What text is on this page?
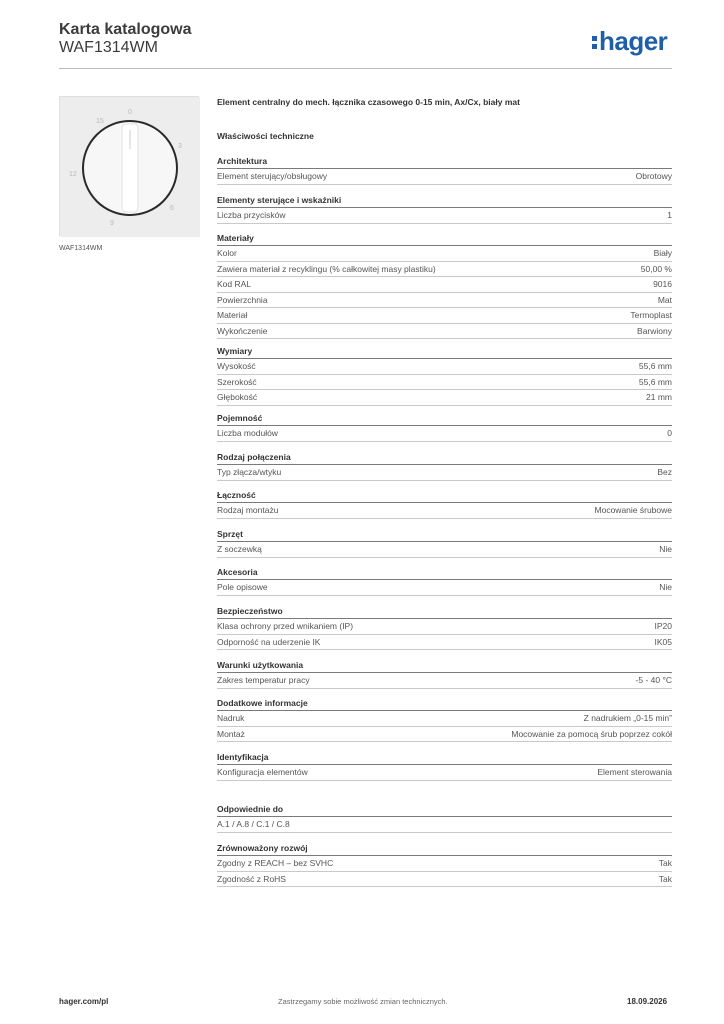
Karta katalogowa
WAF1314WM	hager
0
3
6
9
12
15
WAF1314WM
Element centralny do mech. łącznika czasowego 0-15 min, Ax/Cx, biały mat
Właściwości techniczne
Architektura
Element sterujący/obsługowy	Obrotowy
Elementy sterujące i wskaźniki
Liczba przycisków	1
Materiały
Kolor	Biały
Zawiera materiał z recyklingu (% całkowitej masy plastiku)	50,00 %
Kod RAL	9016
Powierzchnia	Mat
Materiał	Termoplast
Wykończenie	Barwiony
Wymiary
Wysokość	55,6 mm
Szerokość	55,6 mm
Głębokość	21 mm
Pojemność
Liczba modułów	0
Rodzaj połączenia
Typ złącza/wtyku	Bez
Łączność
Rodzaj montażu	Mocowanie śrubowe
Sprzęt
Z soczewką	Nie
Akcesoria
Pole opisowe	Nie
Bezpieczeństwo
Klasa ochrony przed wnikaniem (IP)	IP20
Odporność na uderzenie IK	IK05
Warunki użytkowania
Zakres temperatur pracy	-5 - 40 °C
Dodatkowe informacje
Nadruk	Z nadrukiem „0-15 min”
Montaż	Mocowanie za pomocą śrub poprzez cokół
Identyfikacja
Konfiguracja elementów	Element sterowania
Odpowiednie do
A.1 / A.8 / C.1 / C.8
Zrównoważony rozwój
Zgodny z REACH – bez SVHC	Tak
Zgodność z RoHS	Tak
hager.com/pl	Zastrzegamy sobie możliwość zmian technicznych.	18.09.2026
